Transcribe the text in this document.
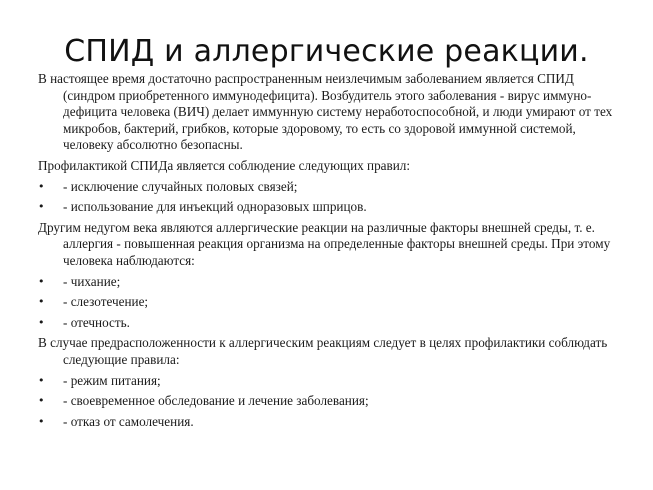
СПИД и аллергические реакции.

В настоящее время достаточно распространенным неизлечимым заболеванием является СПИД (синдром приобретенного иммунодефицита). Возбудитель этого заболевания - вирус иммуно-дефицита человека (ВИЧ) делает иммунную систему неработоспособной, и люди умирают от тех микробов, бактерий, грибков, которые здоровому, то есть со здоровой иммунной системой, человеку абсолютно безопасны.

Профилактикой СПИДа является соблюдение следующих правил:

•	- исключение случайных половых связей;
•	- использование для инъекций одноразовых шприцов.

Другим недугом века являются аллергические реакции на различные факторы внешней среды, т. е. аллергия - повышенная реакция организма на определенные факторы внешней среды. При этому человека наблюдаются:

•	- чихание;
•	- слезотечение;
•	- отечность.

В случае предрасположенности к аллергическим реакциям следует в целях профилактики соблюдать следующие правила:

•	- режим питания;
•	- своевременное обследование и лечение заболевания;
•	- отказ от самолечения.
